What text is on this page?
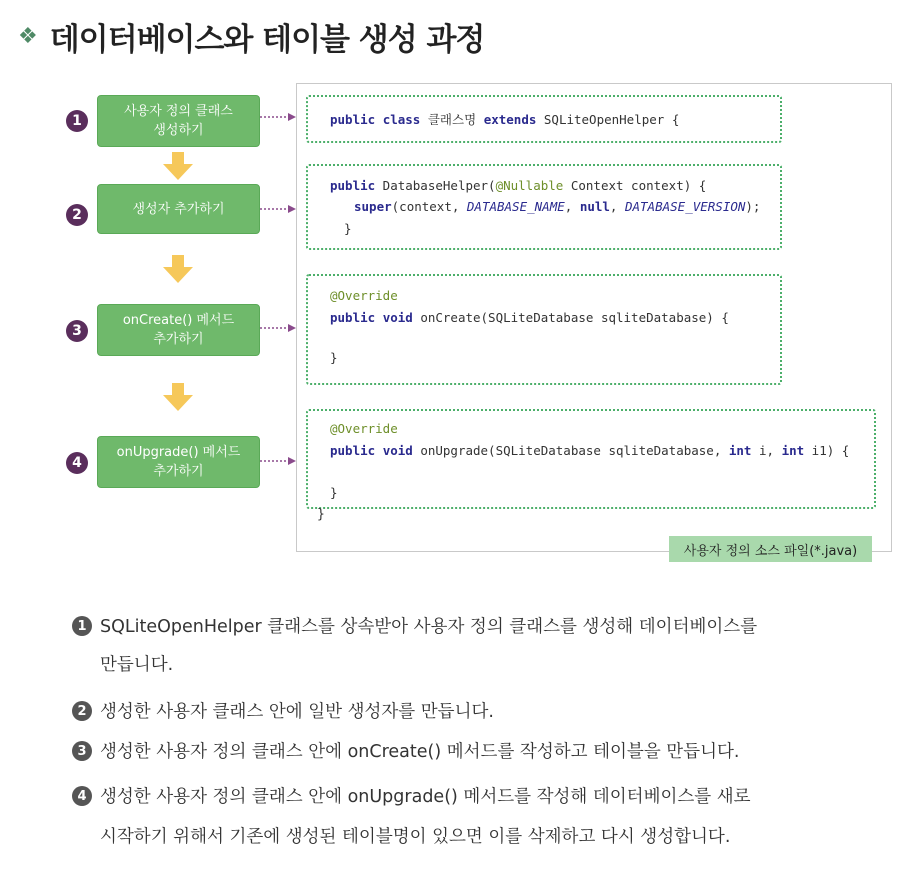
❖ 데이터베이스와 테이블 생성 과정
1
2
3
4
사용자 정의 클래스
생성하기
생성자 추가하기
onCreate() 메서드
추가하기
onUpgrade() 메서드
추가하기
public class 클래스명 extends SQLiteOpenHelper {
public DatabaseHelper(@Nullable Context context) {
super(context, DATABASE_NAME, null, DATABASE_VERSION);
}
@Override
public void onCreate(SQLiteDatabase sqliteDatabase) {
}
@Override
public void onUpgrade(SQLiteDatabase sqliteDatabase, int i, int i1) {
}
}
사용자 정의 소스 파일(*.java)
1 SQLiteOpenHelper 클래스를 상속받아 사용자 정의 클래스를 생성해 데이터베이스를
만듭니다.
2 생성한 사용자 클래스 안에 일반 생성자를 만듭니다.
3 생성한 사용자 정의 클래스 안에 onCreate() 메서드를 작성하고 테이블을 만듭니다.
4 생성한 사용자 정의 클래스 안에 onUpgrade() 메서드를 작성해 데이터베이스를 새로
시작하기 위해서 기존에 생성된 테이블명이 있으면 이를 삭제하고 다시 생성합니다.
